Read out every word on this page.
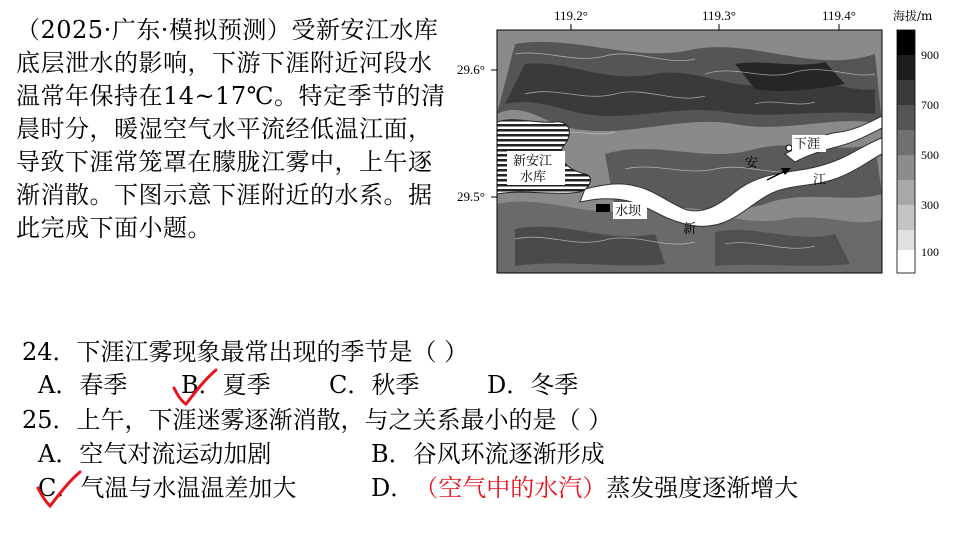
（2025·广东·模拟预测）受新安江水库底层泄水的影响，下游下涯附近河段水温常年保持在14~17℃。特定季节的清晨时分，暖湿空气水平流经低温江面，导致下涯常笼罩在朦胧江雾中，上午逐渐消散。下图示意下涯附近的水系。据此完成下面小题。

119.2°	119.3°	119.4°
29.6°
29.5°
新安江
水库
水坝
下涯
新
安
江
海拔/m
900
700
500
300
100
24．下涯江雾现象最常出现的季节是（ ）
A．春季 B．夏季 C．秋季	D．冬季
25．上午，下涯迷雾逐渐消散，与之关系最小的是（ ）
A．空气对流运动加剧	B．谷风环流逐渐形成
C．气温与水温温差加大	D．（空气中的水汽）蒸发强度逐渐增大
